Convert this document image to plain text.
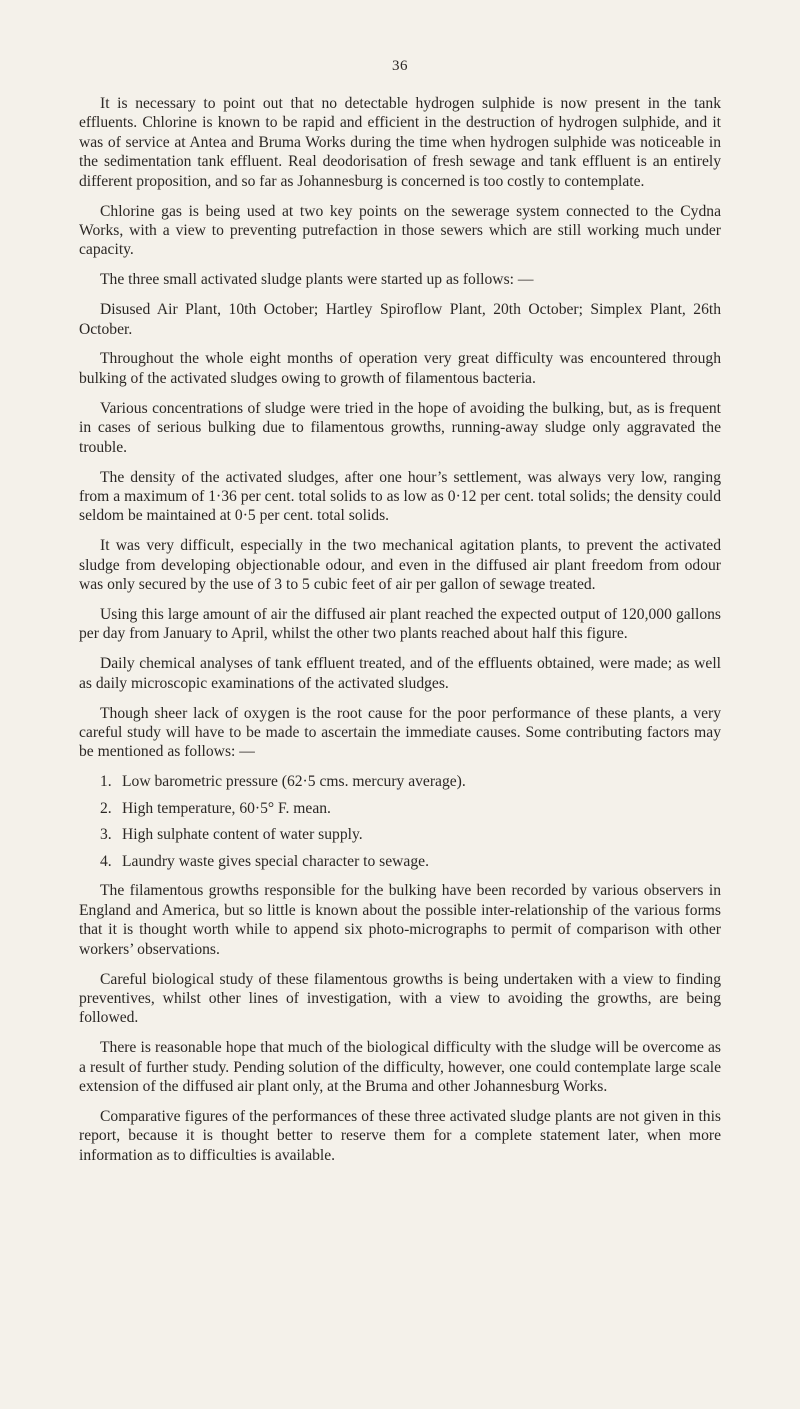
36

It is necessary to point out that no detectable hydrogen sulphide is now present in the tank effluents. Chlorine is known to be rapid and efficient in the destruction of hydrogen sulphide, and it was of service at Antea and Bruma Works during the time when hydrogen sulphide was noticeable in the sedimentation tank effluent. Real deodorisation of fresh sewage and tank effluent is an entirely different proposition, and so far as Johannesburg is concerned is too costly to contemplate.

Chlorine gas is being used at two key points on the sewerage system connected to the Cydna Works, with a view to preventing putrefaction in those sewers which are still working much under capacity.

The three small activated sludge plants were started up as follows: —

Disused Air Plant, 10th October; Hartley Spiroflow Plant, 20th October; Simplex Plant, 26th October.

Throughout the whole eight months of operation very great difficulty was encountered through bulking of the activated sludges owing to growth of filamentous bacteria.

Various concentrations of sludge were tried in the hope of avoiding the bulking, but, as is frequent in cases of serious bulking due to filamentous growths, running-away sludge only aggravated the trouble.

The density of the activated sludges, after one hour’s settlement, was always very low, ranging from a maximum of 1·36 per cent. total solids to as low as 0·12 per cent. total solids; the density could seldom be maintained at 0·5 per cent. total solids.

It was very difficult, especially in the two mechanical agitation plants, to prevent the activated sludge from developing objectionable odour, and even in the diffused air plant freedom from odour was only secured by the use of 3 to 5 cubic feet of air per gallon of sewage treated.

Using this large amount of air the diffused air plant reached the expected output of 120,000 gallons per day from January to April, whilst the other two plants reached about half this figure.

Daily chemical analyses of tank effluent treated, and of the effluents obtained, were made; as well as daily microscopic examinations of the activated sludges.

Though sheer lack of oxygen is the root cause for the poor performance of these plants, a very careful study will have to be made to ascertain the immediate causes. Some contributing factors may be mentioned as follows: —

1. Low barometric pressure (62·5 cms. mercury average).
2. High temperature, 60·5° F. mean.
3. High sulphate content of water supply.
4. Laundry waste gives special character to sewage.

The filamentous growths responsible for the bulking have been recorded by various observers in England and America, but so little is known about the possible inter-relationship of the various forms that it is thought worth while to append six photo-micrographs to permit of comparison with other workers’ observations.

Careful biological study of these filamentous growths is being undertaken with a view to finding preventives, whilst other lines of investigation, with a view to avoiding the growths, are being followed.

There is reasonable hope that much of the biological difficulty with the sludge will be overcome as a result of further study. Pending solution of the difficulty, however, one could contemplate large scale extension of the diffused air plant only, at the Bruma and other Johannesburg Works.

Comparative figures of the performances of these three activated sludge plants are not given in this report, because it is thought better to reserve them for a complete statement later, when more information as to difficulties is available.
